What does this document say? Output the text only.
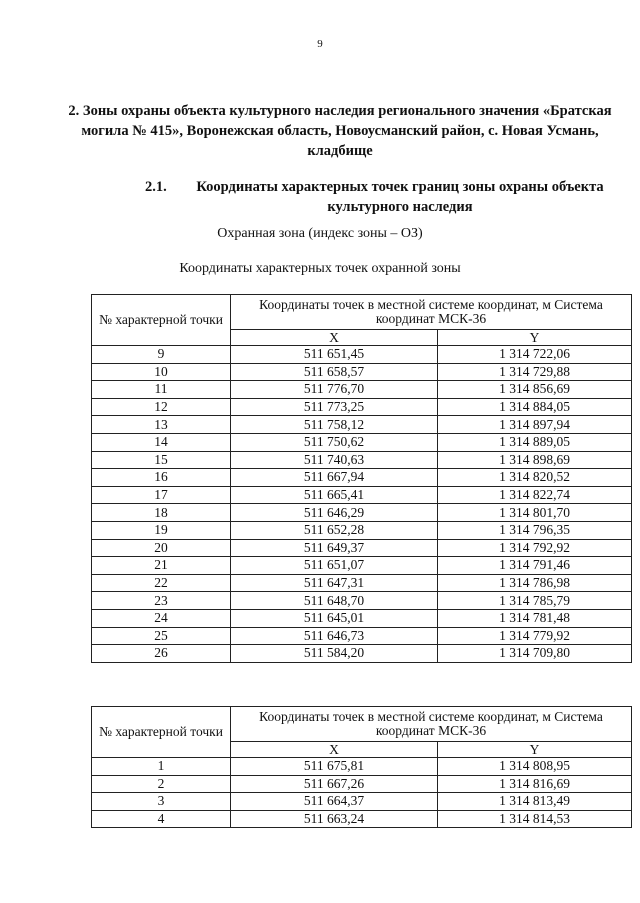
9
2. Зоны охраны объекта культурного наследия регионального значения «Братская могила № 415», Воронежская область, Новоусманский район, с. Новая Усмань, кладбище
2.1.	Координаты характерных точек границ зоны охраны объекта культурного наследия
Охранная зона (индекс зоны – ОЗ)
Координаты характерных точек охранной зоны
№ характерной точки	Координаты точек в местной системе координат, м Система координат МСК-36	
	X	Y
9	511 651,45	1 314 722,06
10	511 658,57	1 314 729,88
11	511 776,70	1 314 856,69
12	511 773,25	1 314 884,05
13	511 758,12	1 314 897,94
14	511 750,62	1 314 889,05
15	511 740,63	1 314 898,69
16	511 667,94	1 314 820,52
17	511 665,41	1 314 822,74
18	511 646,29	1 314 801,70
19	511 652,28	1 314 796,35
20	511 649,37	1 314 792,92
21	511 651,07	1 314 791,46
22	511 647,31	1 314 786,98
23	511 648,70	1 314 785,79
24	511 645,01	1 314 781,48
25	511 646,73	1 314 779,92
26	511 584,20	1 314 709,80
№ характерной точки	Координаты точек в местной системе координат, м Система координат МСК-36	
	X	Y
1	511 675,81	1 314 808,95
2	511 667,26	1 314 816,69
3	511 664,37	1 314 813,49
4	511 663,24	1 314 814,53
